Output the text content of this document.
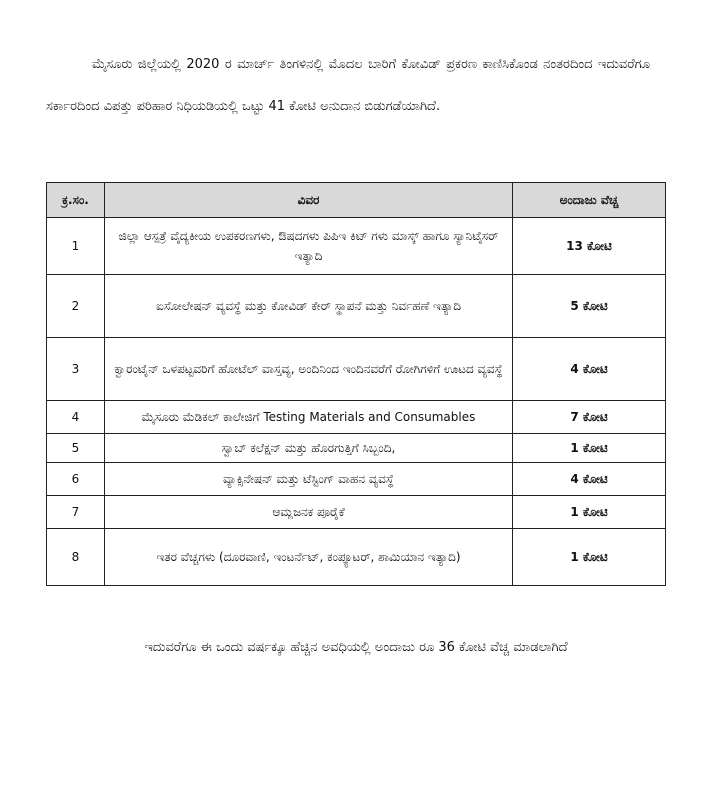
ಮೈಸೂರು ಜಿಲ್ಲೆಯಲ್ಲಿ 2020 ರ ಮಾರ್ಚ್ ತಿಂಗಳಿನಲ್ಲಿ ಮೊದಲ ಬಾರಿಗೆ ಕೋವಿಡ್ ಪ್ರಕರಣ ಕಾಣಿಸಿಕೊಂಡ ನಂತರದಿಂದ ಇದುವರೆಗೂ ಸರ್ಕಾರದಿಂದ ವಿಪತ್ತು ಪರಿಹಾರ ನಿಧಿಯಡಿಯಲ್ಲಿ ಒಟ್ಟು 41 ಕೋಟಿ ಅನುದಾನ ಬಿಡುಗಡೆಯಾಗಿದೆ.

ಕ್ರ.ಸಂ.	ವಿವರ	ಅಂದಾಜು ವೆಚ್ಚ
1	ಜಿಲ್ಲಾ ಆಸ್ಪತ್ರೆ ವೈದ್ಯಕೀಯ ಉಪಕರಣಗಳು, ಔಷದಗಳು ಪಿಪಿಇ ಕಿಟ್ ಗಳು ಮಾಸ್ಕ್ ಹಾಗೂ ಸ್ಯಾನಿಟೈಸರ್ ಇತ್ಯಾದಿ	13 ಕೋಟಿ
2	ಐಸೋಲೇಷನ್ ವ್ಯವಸ್ಥೆ ಮತ್ತು ಕೋವಿಡ್ ಕೇರ್ ಸ್ಥಾಪನೆ ಮತ್ತು ನಿರ್ವಹಣೆ ಇತ್ಯಾದಿ	5 ಕೋಟಿ
3	ಕ್ವಾರಂಟೈನ್ ಒಳಪಟ್ಟವರಿಗೆ ಹೋಟೆಲ್ ವಾಸ್ತವ್ಯ, ಅಂದಿನಿಂದ ಇಂದಿನವರೆಗೆ ರೋಗಿಗಳಿಗೆ ಊಟದ ವ್ಯವಸ್ಥೆ	4 ಕೋಟಿ
4	ಮೈಸೂರು ಮೆಡಿಕಲ್ ಕಾಲೇಜಿಗೆ Testing Materials and Consumables	7 ಕೋಟಿ
5	ಸ್ವಾಬ್ ಕಲೆಕ್ಷನ್ ಮತ್ತು ಹೊರಗುತ್ತಿಗೆ ಸಿಬ್ಬಂದಿ,	1 ಕೋಟಿ
6	ವ್ಯಾಕ್ಸಿನೇಷನ್ ಮತ್ತು ಟೆಸ್ಟಿಂಗ್ ವಾಹನ ವ್ಯವಸ್ಥೆ	4 ಕೋಟಿ
7	ಆಮ್ಲಜನಕ ಪೂರೈಕೆ	1 ಕೋಟಿ
8	ಇತರ ವೆಚ್ಚಗಳು (ದೂರವಾಣಿ, ಇಂಟರ್ನೆಟ್, ಕಂಪ್ಯೂಟರ್, ಶಾಮಿಯಾನ ಇತ್ಯಾದಿ)	1 ಕೋಟಿ
ಇದುವರೆಗೂ ಈ ಒಂದು ವರ್ಷಕ್ಕೂ ಹೆಚ್ಚಿನ ಅವಧಿಯಲ್ಲಿ ಅಂದಾಜು ರೂ 36 ಕೋಟಿ ವೆಚ್ಚ ಮಾಡಲಾಗಿದೆ
